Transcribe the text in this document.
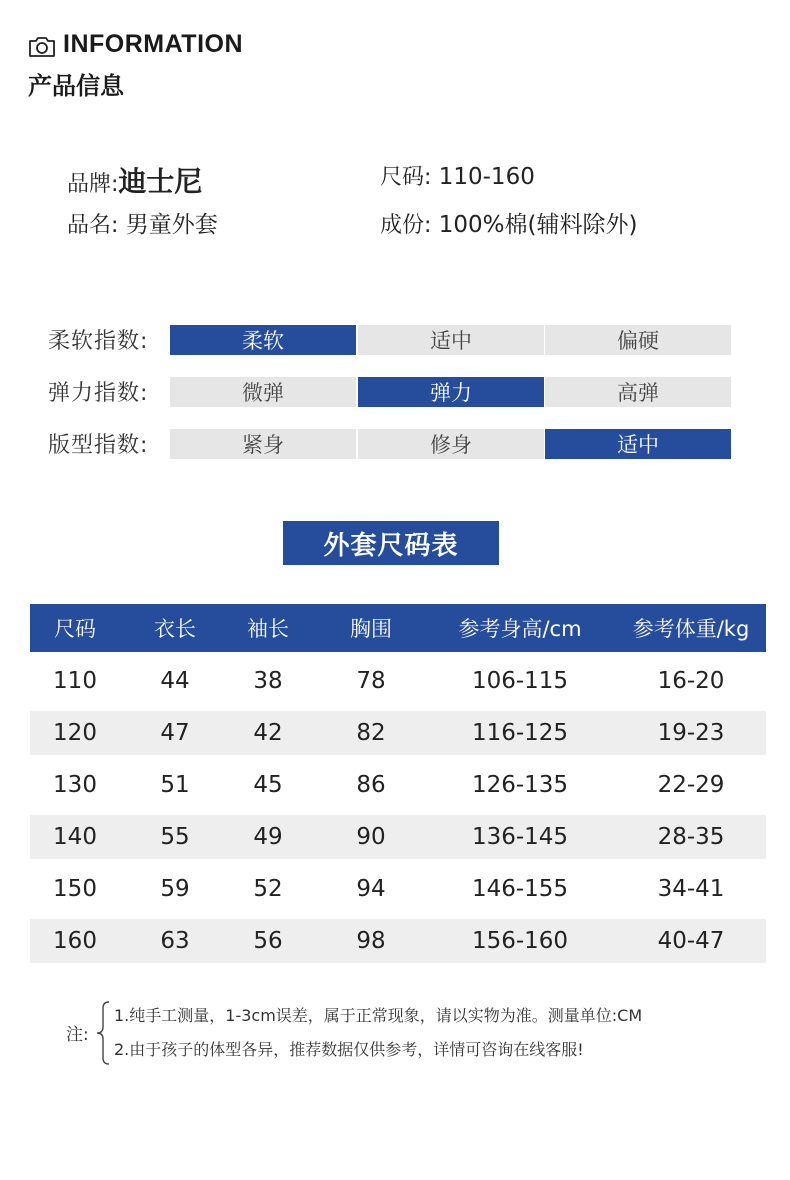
INFORMATION
产品信息
品牌:迪士尼	尺码: 110-160
品名: 男童外套	成份: 100%棉(辅料除外)
柔软指数:	柔软	适中	偏硬
弹力指数:	微弹	弹力	高弹
版型指数:	紧身	修身	适中
外套尺码表
尺码	衣长	袖长	胸围	参考身高/cm	参考体重/kg
110	44	38	78	106-115	16-20
120	47	42	82	116-125	19-23
130	51	45	86	126-135	22-29
140	55	49	90	136-145	28-35
150	59	52	94	146-155	34-41
160	63	56	98	156-160	40-47
注:
1.纯手工测量，1-3cm误差，属于正常现象，请以实物为准。测量单位:CM
2.由于孩子的体型各异，推荐数据仅供参考，详情可咨询在线客服!
